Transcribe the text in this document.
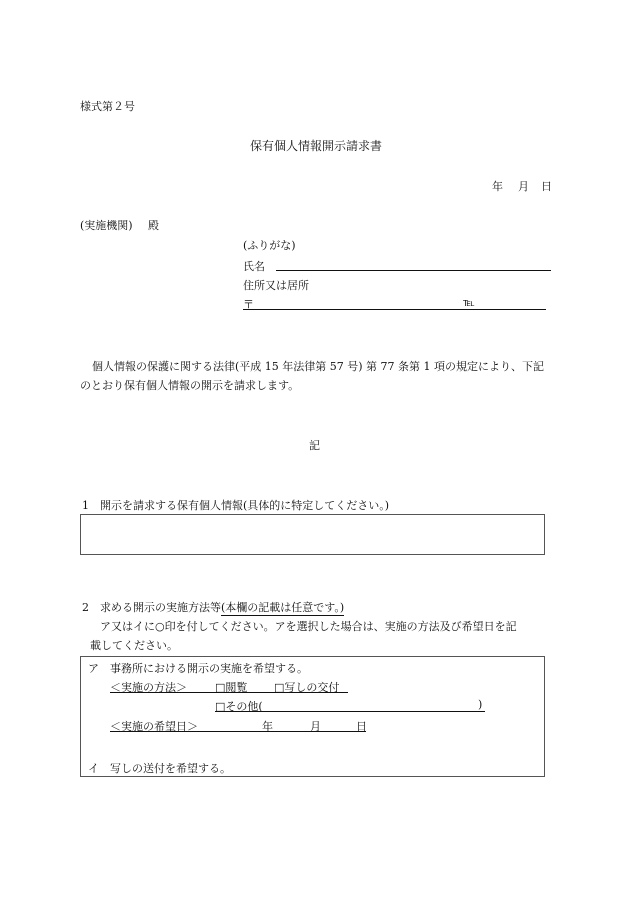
様式第２号
保有個人情報開示請求書
年 月 日
(実施機関) 殿
(ふりがな)
氏名
住所又は居所
〒	℡
個人情報の保護に関する法律(平成 15 年法律第 57 号) 第 77 条第 1 項の規定により、下記
のとおり保有個人情報の開示を請求します。
記
1　開示を請求する保有個人情報(具体的に特定してください。)
2　求める開示の実施方法等(本欄の記載は任意です。)
ア又はイに○印を付してください。アを選択した場合は、実施の方法及び希望日を記
載してください。
ア　事務所における開示の実施を希望する。
＜実施の方法＞	□閲覧 □写しの交付
□その他(	)
＜実施の希望日＞	年	月	日
イ　写しの送付を希望する。
